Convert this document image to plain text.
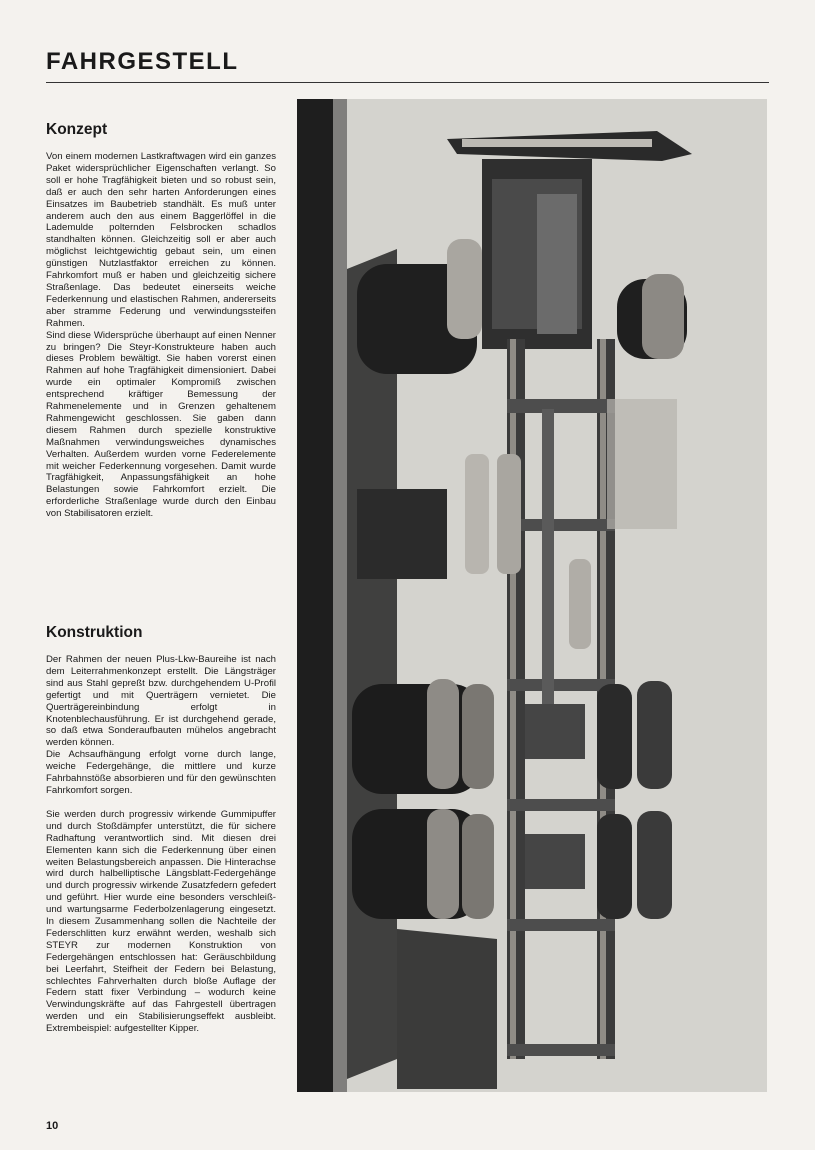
FAHRGESTELL
Konzept

Von einem modernen Lastkraftwagen wird ein ganzes Paket widersprüchlicher Eigenschaften verlangt. So soll er hohe Tragfähigkeit bieten und so robust sein, daß er auch den sehr harten Anforderungen eines Einsatzes im Baubetrieb standhält. Es muß unter anderem auch den aus einem Baggerlöffel in die Lademulde polternden Felsbrocken schadlos standhalten können. Gleichzeitig soll er aber auch möglichst leichtgewichtig gebaut sein, um einen günstigen Nutzlastfaktor erreichen zu können. Fahrkomfort muß er haben und gleichzeitig sichere Straßenlage. Das bedeutet einerseits weiche Federkennung und elastischen Rahmen, andererseits aber stramme Federung und verwindungssteifen Rahmen.

Sind diese Widersprüche überhaupt auf einen Nenner zu bringen? Die Steyr-Konstrukteure haben auch dieses Problem bewältigt. Sie haben vorerst einen Rahmen auf hohe Tragfähigkeit dimensioniert. Dabei wurde ein optimaler Kompromiß zwischen entsprechend kräftiger Bemessung der Rahmenelemente und in Grenzen gehaltenem Rahmengewicht geschlossen. Sie gaben dann diesem Rahmen durch spezielle konstruktive Maßnahmen verwindungsweiches dynamisches Verhalten. Außerdem wurden vorne Federelemente mit weicher Federkennung vorgesehen. Damit wurde Tragfähigkeit, Anpassungsfähigkeit an hohe Belastungen sowie Fahrkomfort erzielt. Die erforderliche Straßenlage wurde durch den Einbau von Stabilisatoren erzielt.

Konstruktion

Der Rahmen der neuen Plus-Lkw-Baureihe ist nach dem Leiterrahmenkonzept erstellt. Die Längsträger sind aus Stahl gepreßt bzw. durchgehendem U-Profil gefertigt und mit Querträgern vernietet. Die Querträgereinbindung erfolgt in Knotenblechausführung. Er ist durchgehend gerade, so daß etwa Sonderaufbauten mühelos angebracht werden können.

Die Achsaufhängung erfolgt vorne durch lange, weiche Federgehänge, die mittlere und kurze Fahrbahnstöße absorbieren und für den gewünschten Fahrkomfort sorgen.

Sie werden durch progressiv wirkende Gummipuffer und durch Stoßdämpfer unterstützt, die für sichere Radhaftung verantwortlich sind. Mit diesen drei Elementen kann sich die Federkennung über einen weiten Belastungsbereich anpassen. Die Hinterachse wird durch halbelliptische Längsblatt-Federgehänge und durch progressiv wirkende Zusatzfedern gefedert und geführt. Hier wurde eine besonders verschleiß- und wartungsarme Federbolzenlagerung eingesetzt. In diesem Zusammenhang sollen die Nachteile der Federschlitten kurz erwähnt werden, weshalb sich STEYR zur modernen Konstruktion von Federgehängen entschlossen hat: Geräuschbildung bei Leerfahrt, Steifheit der Federn bei Belastung, schlechtes Fahrverhalten durch bloße Auflage der Federn statt fixer Verbindung – wodurch keine Verwindungskräfte auf das Fahrgestell übertragen werden und ein Stabilisierungseffekt ausbleibt. Extrembeispiel: aufgestellter Kipper.

10
